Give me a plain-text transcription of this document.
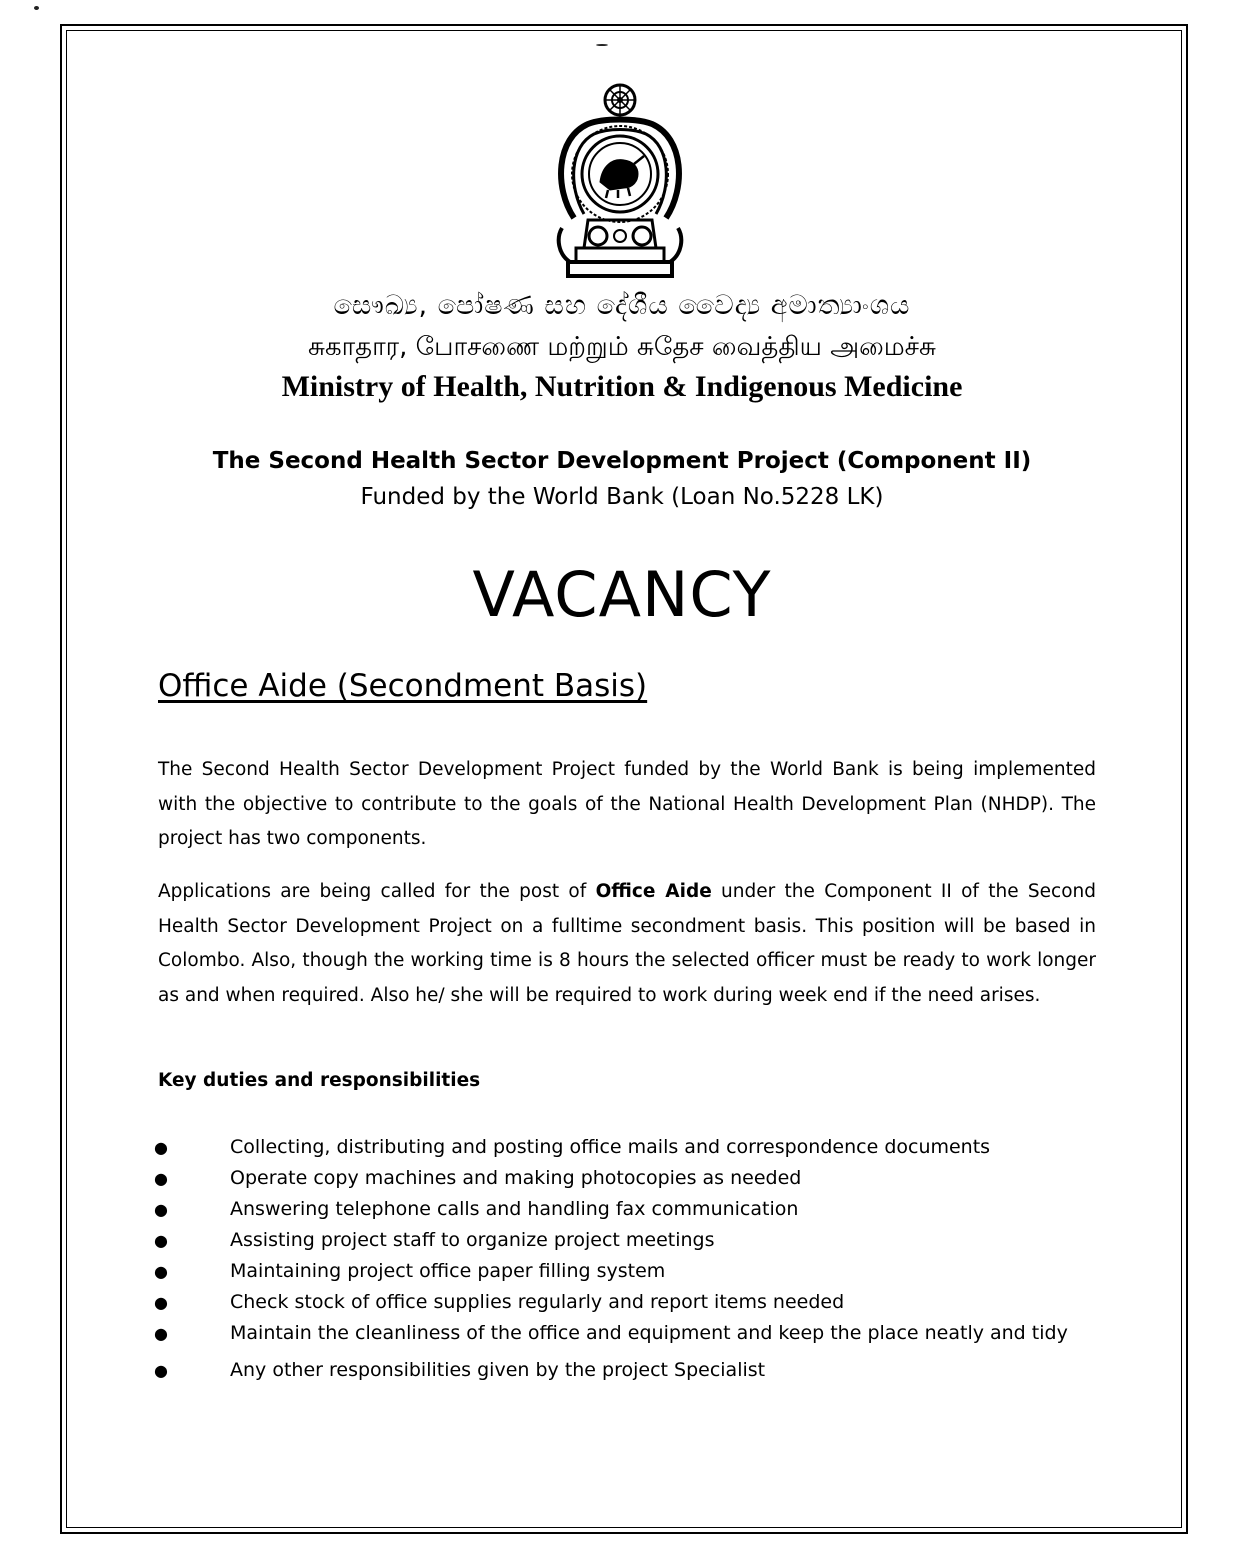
සෞඛ්‍ය, පෝෂණ සහ දේශීය වෛද්‍ය අමාත්‍යාංශය
சுகாதார, போசணை மற்றும் சுதேச வைத்திய அமைச்சு
Ministry of Health, Nutrition & Indigenous Medicine
The Second Health Sector Development Project (Component II)
Funded by the World Bank (Loan No.5228 LK)
VACANCY
Office Aide (Secondment Basis)
The Second Health Sector Development Project funded by the World Bank is being implemented with the objective to contribute to the goals of the National Health Development Plan (NHDP). The project has two components.
Applications are being called for the post of Office Aide under the Component II of the Second Health Sector Development Project on a fulltime secondment basis. This position will be based in Colombo. Also, though the working time is 8 hours the selected officer must be ready to work longer as and when required. Also he/ she will be required to work during week end if the need arises.
Key duties and responsibilities
●	Collecting, distributing and posting office mails and correspondence documents
●	Operate copy machines and making photocopies as needed
●	Answering telephone calls and handling fax communication
●	Assisting project staff to organize project meetings
●	Maintaining project office paper filling system
●	Check stock of office supplies regularly and report items needed
●	Maintain the cleanliness of the office and equipment and keep the place neatly and tidy
●	Any other responsibilities given by the project Specialist
